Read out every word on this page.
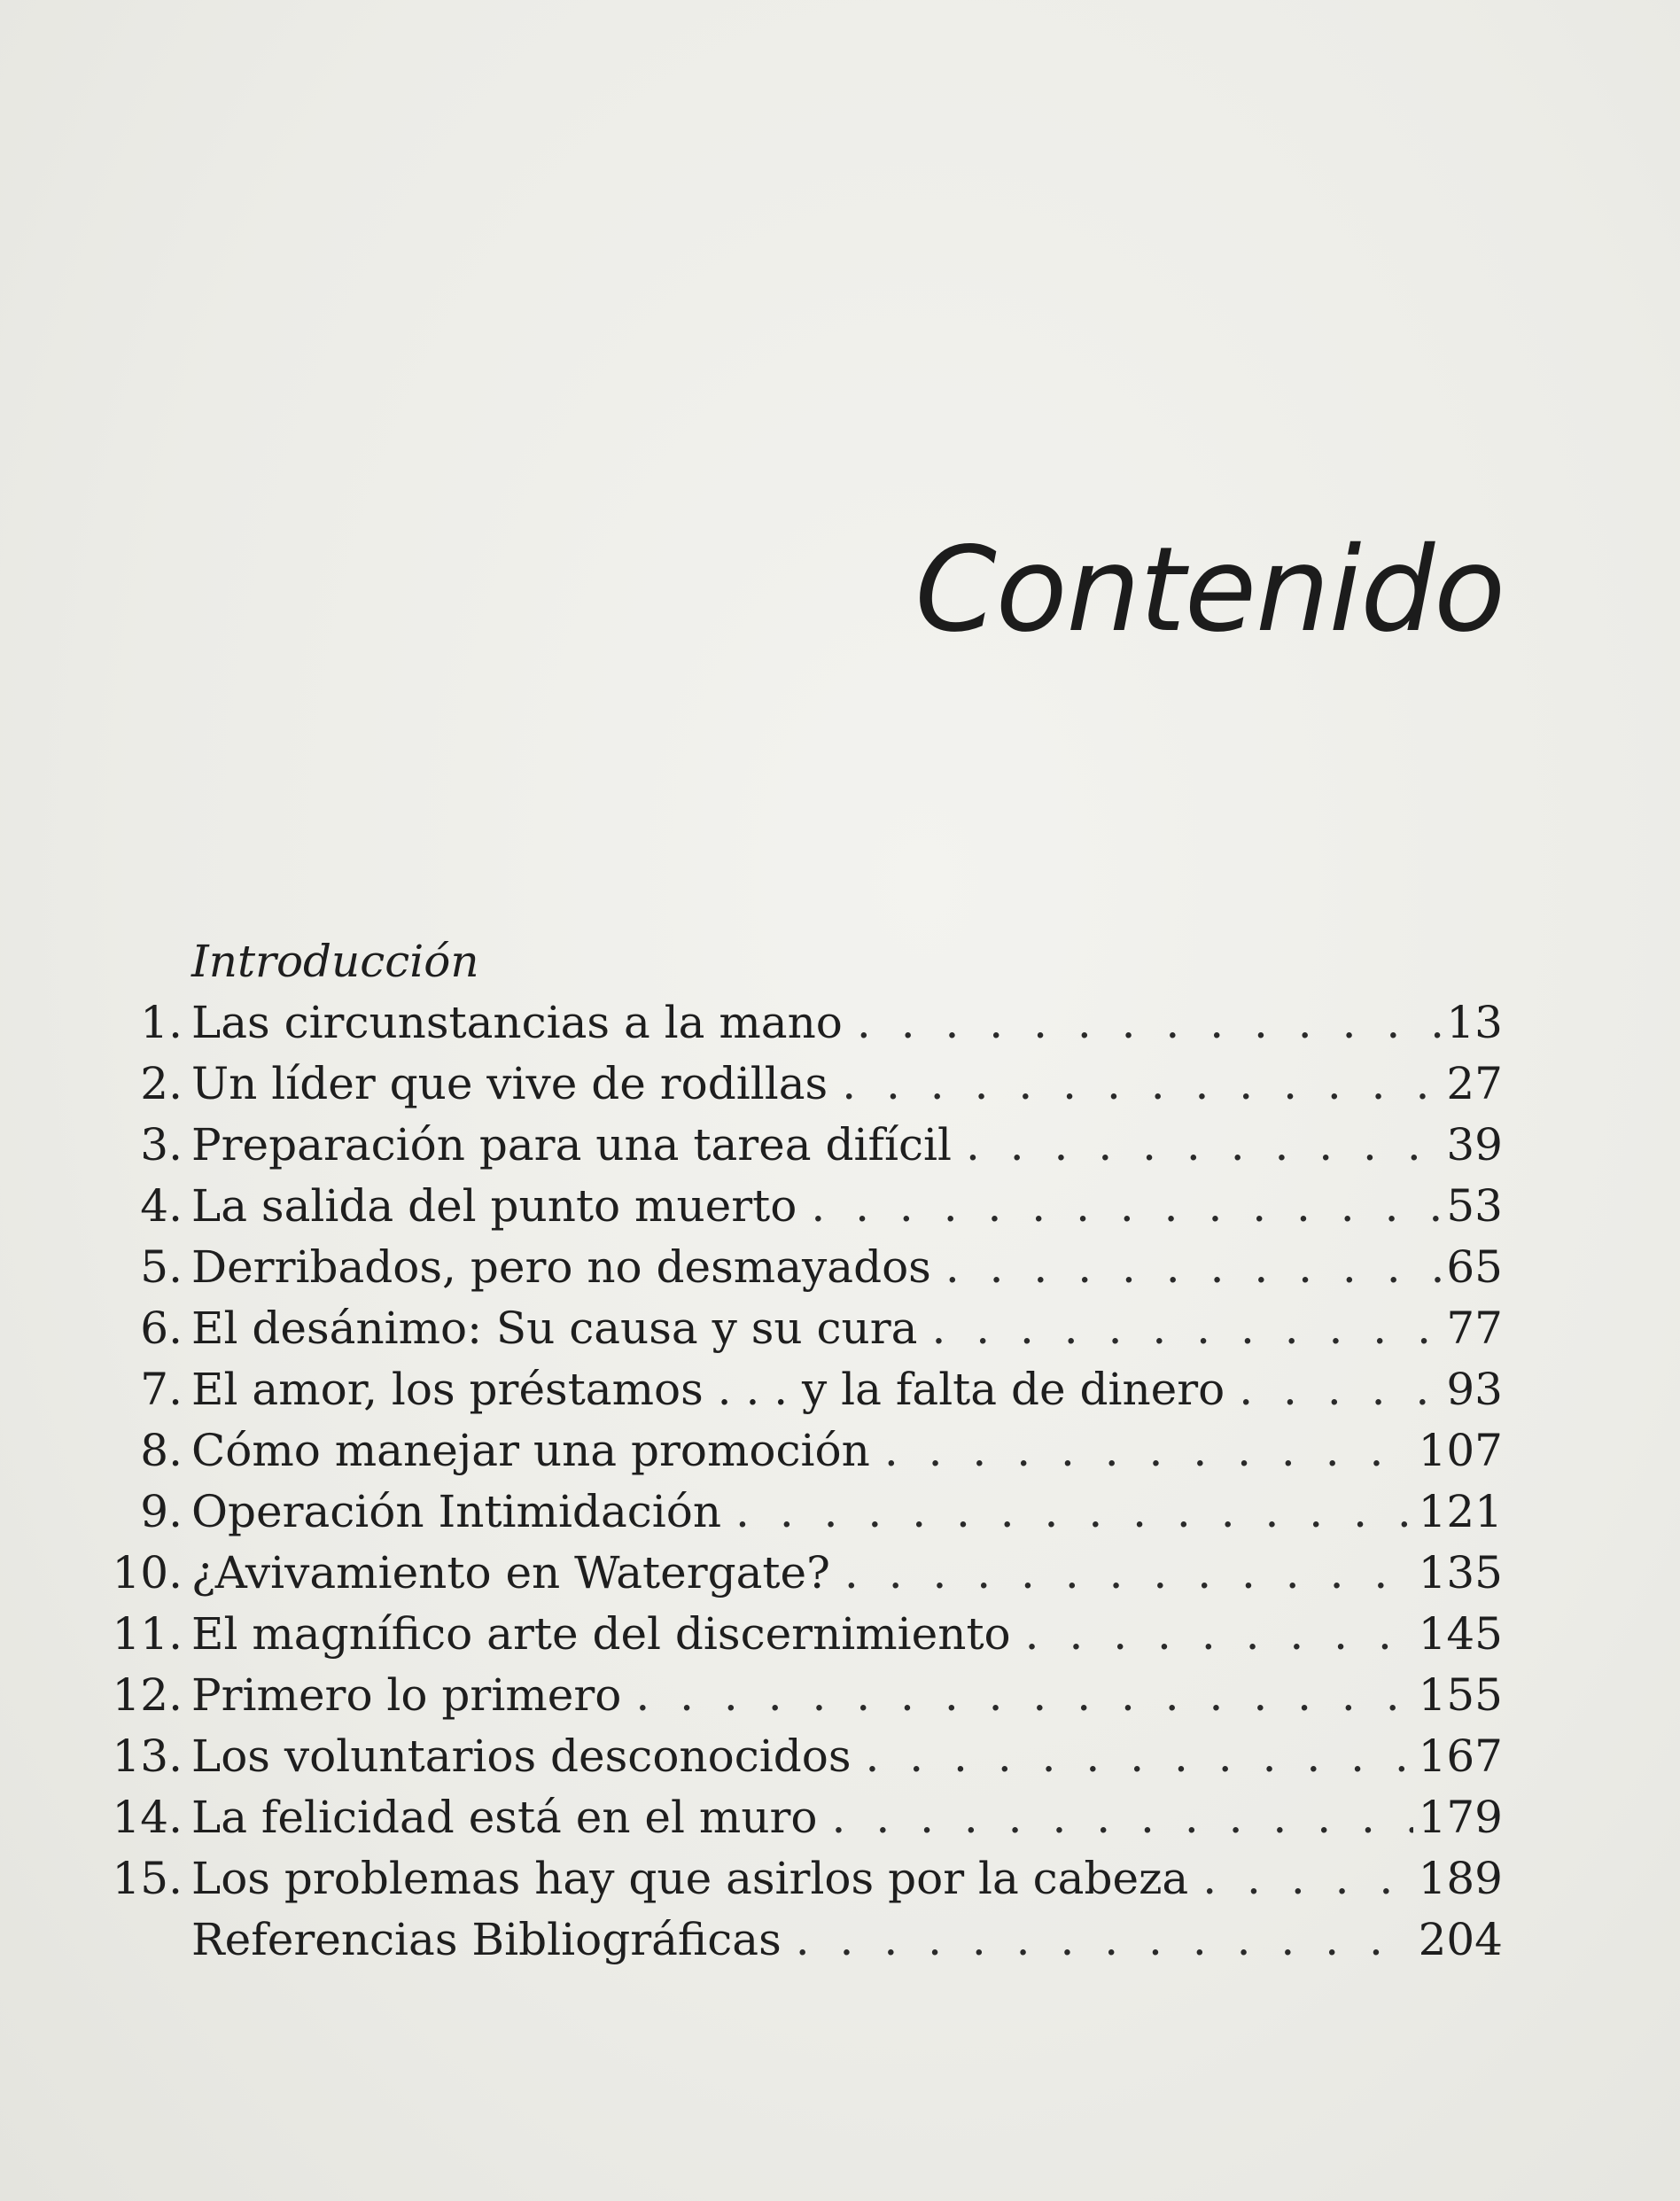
Contenido
Introducción
1. Las circunstancias a la mano . . .	13
2. Un líder que vive de rodillas . . .	27
3. Preparación para una tarea difícil . . .	39
4. La salida del punto muerto . . .	53
5. Derribados, pero no desmayados . . .	65
6. El desánimo: Su causa y su cura . . .	77
7. El amor, los préstamos . . . y la falta de dinero . . .	93
8. Cómo manejar una promoción . . .	107
9. Operación Intimidación . . .	121
10. ¿Avivamiento en Watergate? . . .	135
11. El magnífico arte del discernimiento . . .	145
12. Primero lo primero . . .	155
13. Los voluntarios desconocidos . . .	167
14. La felicidad está en el muro . . .	179
15. Los problemas hay que asirlos por la cabeza . . .	189
Referencias Bibliográficas . . .	204
